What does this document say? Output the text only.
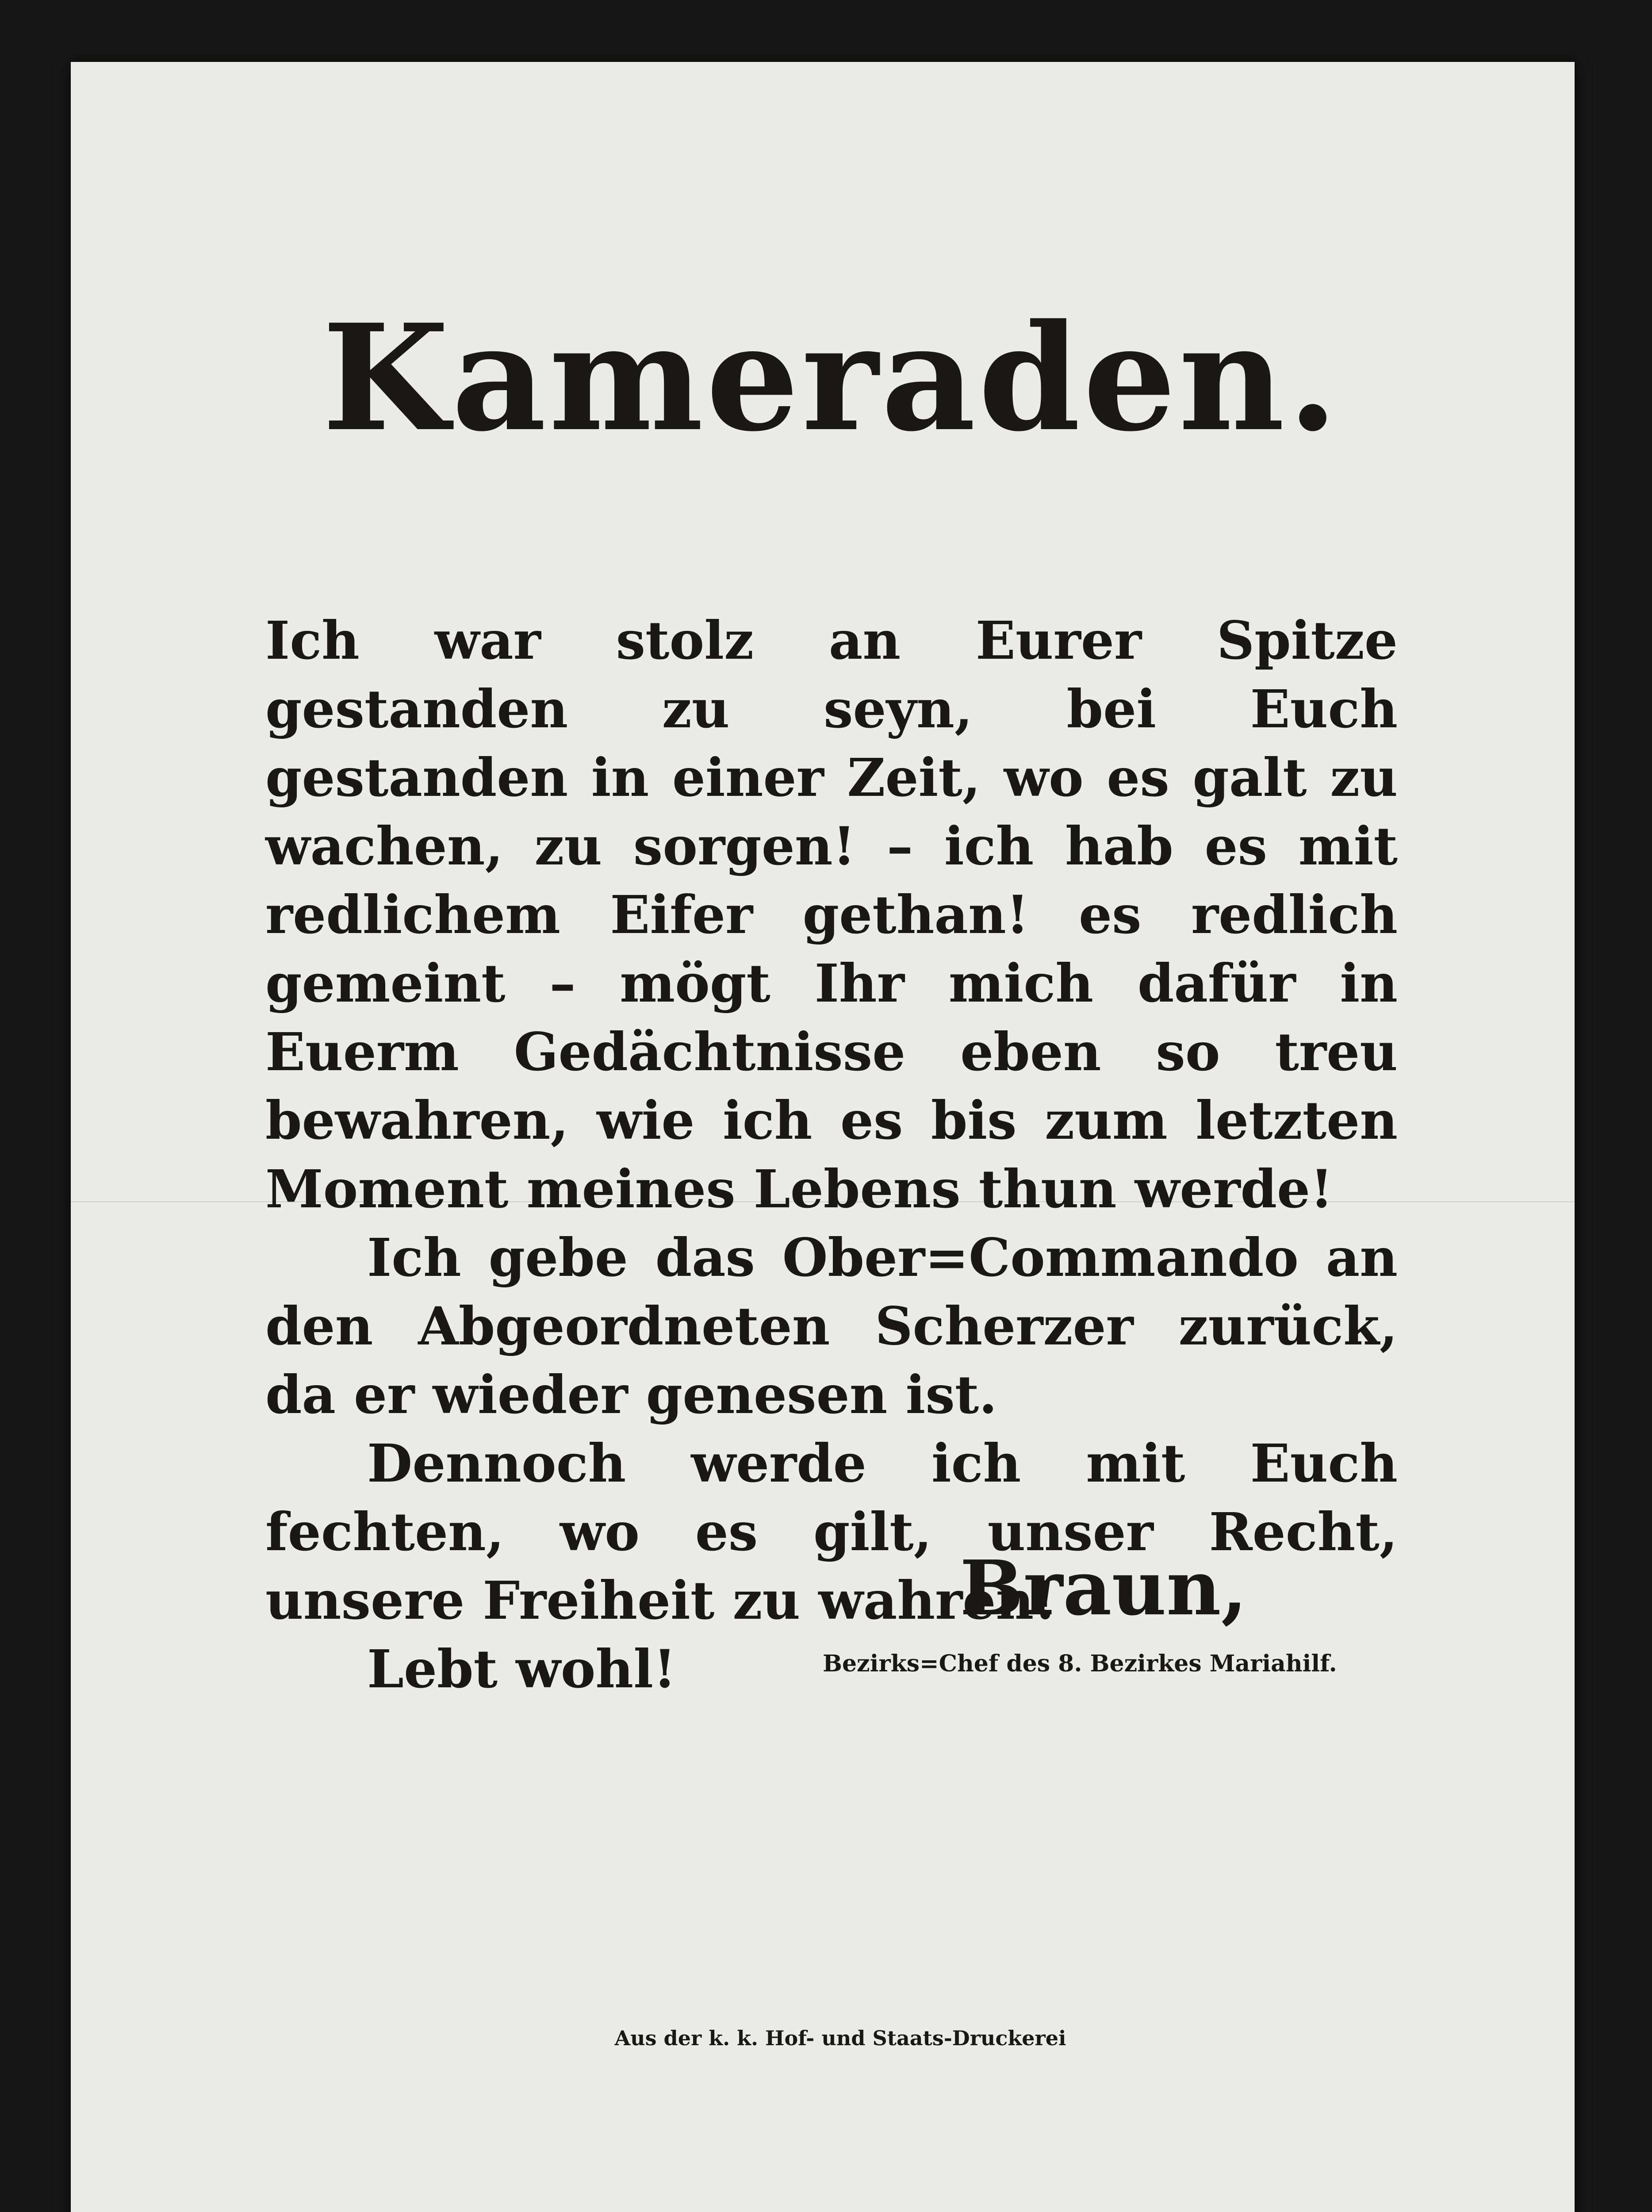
Kameraden.

Ich war stolz an Eurer Spitze gestanden zu seyn, bei Euch gestanden in einer Zeit, wo es galt zu wachen, zu sorgen! – ich hab es mit redlichem Eifer gethan! es redlich gemeint – mögt Ihr mich dafür in Euerm Gedächtnisse eben so treu bewahren, wie ich es bis zum letzten Moment meines Lebens thun werde!

Ich gebe das Ober=Commando an den Abgeordneten Scherzer zurück, da er wieder genesen ist.

Dennoch werde ich mit Euch fechten, wo es gilt, unser Recht, unsere Freiheit zu wahren!

Lebt wohl!

Braun,
Bezirks=Chef des 8. Bezirkes Mariahilf.
Aus der k. k. Hof- und Staats-Druckerei
